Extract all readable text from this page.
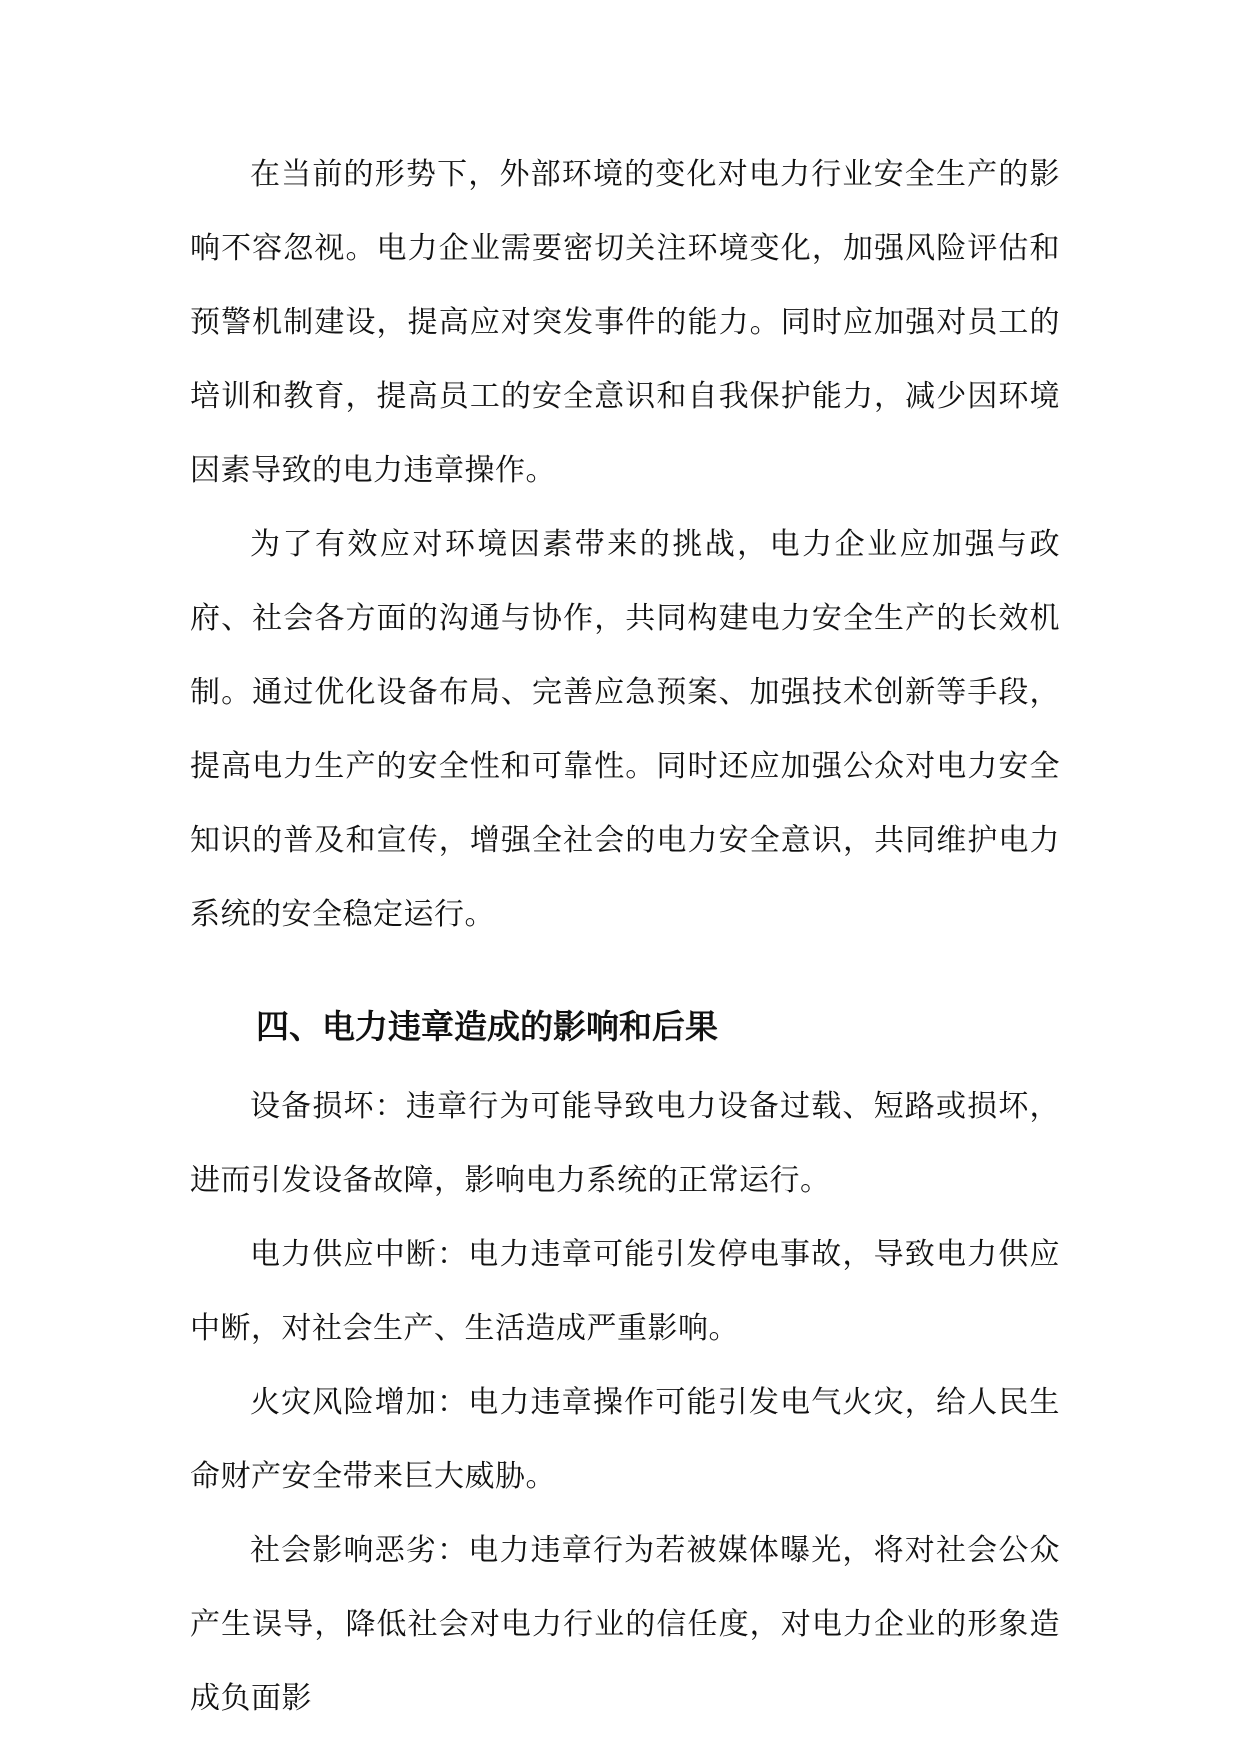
在当前的形势下，外部环境的变化对电力行业安全生产的影响不容忽视。电力企业需要密切关注环境变化，加强风险评估和预警机制建设，提高应对突发事件的能力。同时应加强对员工的培训和教育，提高员工的安全意识和自我保护能力，减少因环境因素导致的电力违章操作。

为了有效应对环境因素带来的挑战，电力企业应加强与政府、社会各方面的沟通与协作，共同构建电力安全生产的长效机制。通过优化设备布局、完善应急预案、加强技术创新等手段，提高电力生产的安全性和可靠性。同时还应加强公众对电力安全知识的普及和宣传，增强全社会的电力安全意识，共同维护电力系统的安全稳定运行。

四、电力违章造成的影响和后果

设备损坏：违章行为可能导致电力设备过载、短路或损坏，进而引发设备故障，影响电力系统的正常运行。

电力供应中断：电力违章可能引发停电事故，导致电力供应中断，对社会生产、生活造成严重影响。

火灾风险增加：电力违章操作可能引发电气火灾，给人民生命财产安全带来巨大威胁。

社会影响恶劣：电力违章行为若被媒体曝光，将对社会公众产生误导，降低社会对电力行业的信任度，对电力企业的形象造成负面影
